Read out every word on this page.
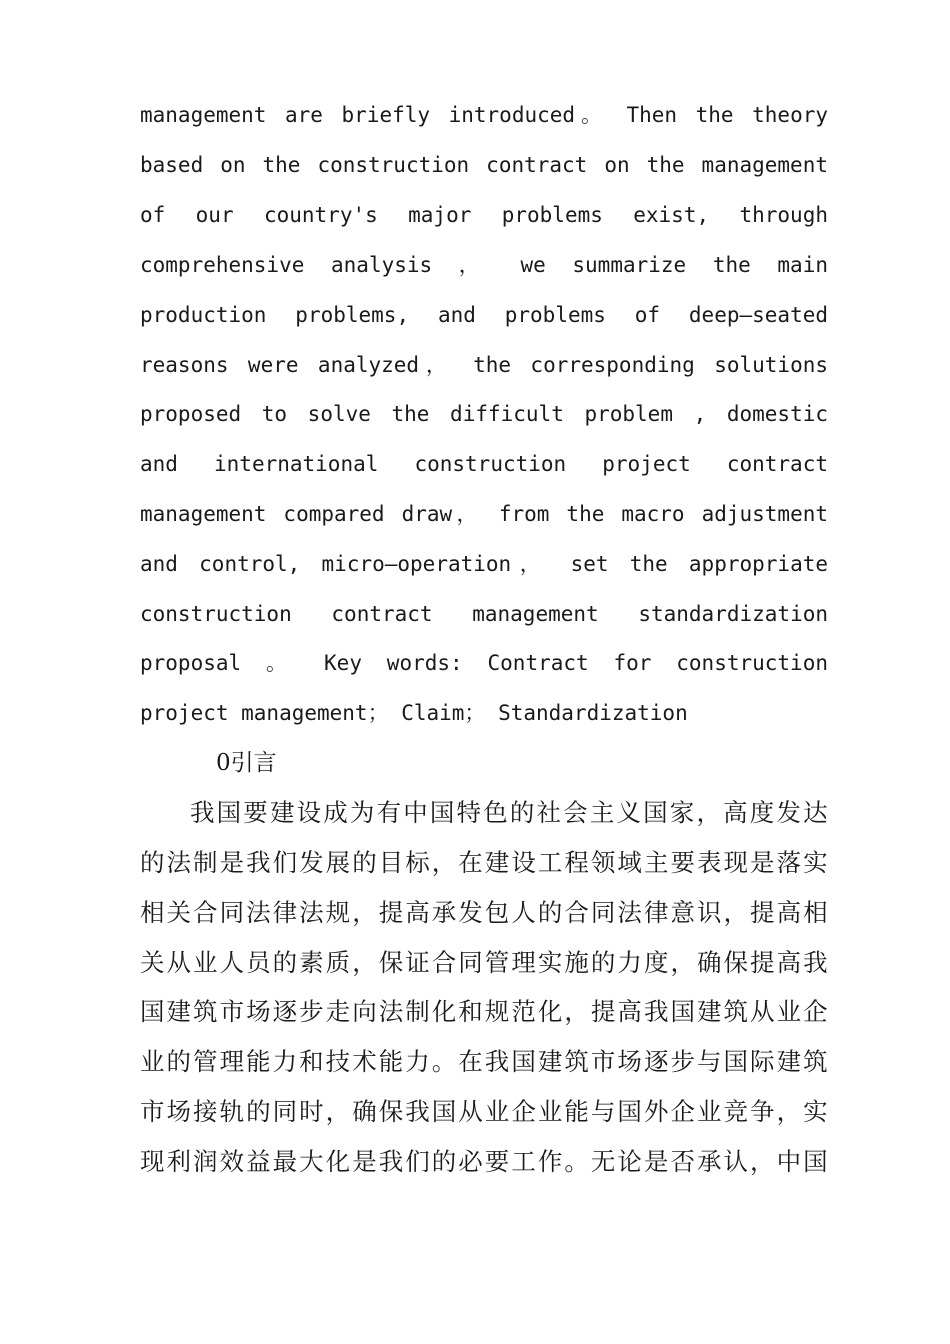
management are briefly introduced。 Then the theory
based on the construction contract on the management
of our country's major problems exist, through
comprehensive analysis ， we summarize the main
production problems, and problems of deep—seated
reasons were analyzed， the corresponding solutions
proposed to solve the difficult problem , domestic
and international construction project contract
management compared draw， from the macro adjustment
and control, micro—operation， set the appropriate
construction contract management standardization
proposal 。 Key words: Contract for construction
project management； Claim； Standardization
0引言
我国要建设成为有中国特色的社会主义国家，高度发达
的法制是我们发展的目标，在建设工程领域主要表现是落实
相关合同法律法规，提高承发包人的合同法律意识，提高相
关从业人员的素质，保证合同管理实施的力度，确保提高我
国建筑市场逐步走向法制化和规范化，提高我国建筑从业企
业的管理能力和技术能力。在我国建筑市场逐步与国际建筑
市场接轨的同时，确保我国从业企业能与国外企业竞争，实
现利润效益最大化是我们的必要工作。无论是否承认，中国
